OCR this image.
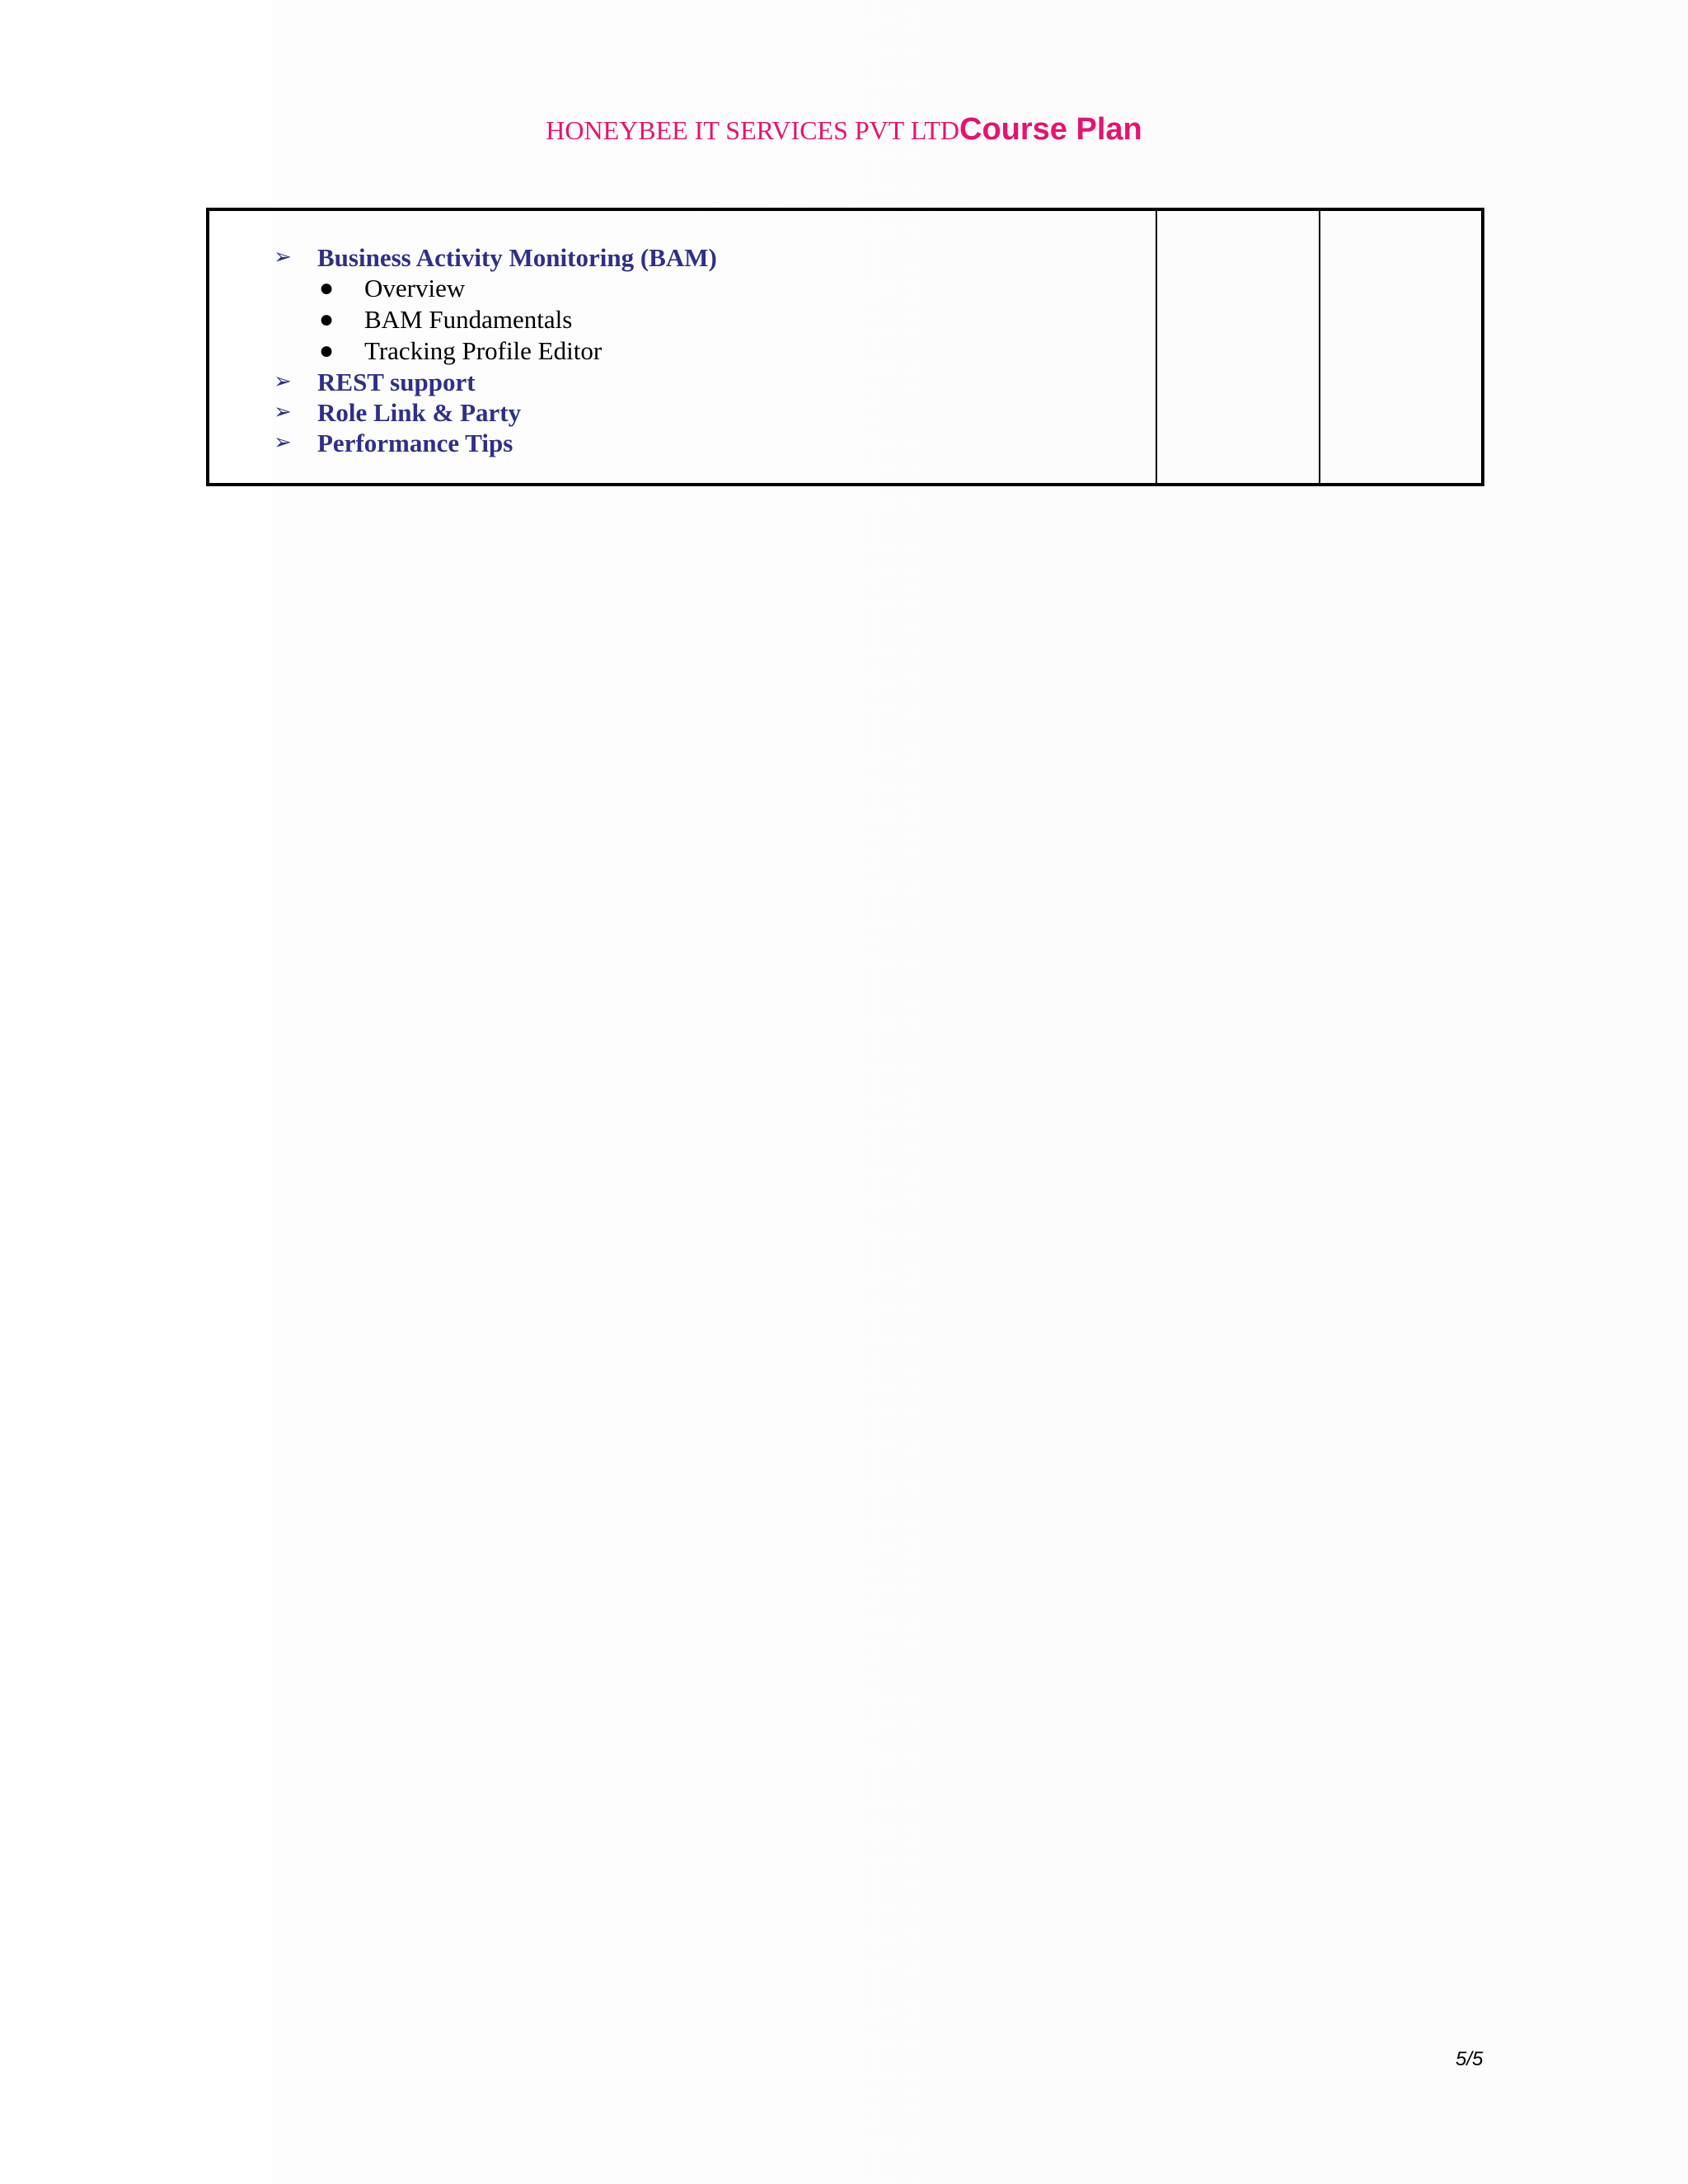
HONEYBEE IT SERVICES PVT LTDCourse Plan
➢ Business Activity Monitoring (BAM)
● Overview
● BAM Fundamentals
● Tracking Profile Editor
➢ REST support
➢ Role Link & Party
➢ Performance Tips
5/5
